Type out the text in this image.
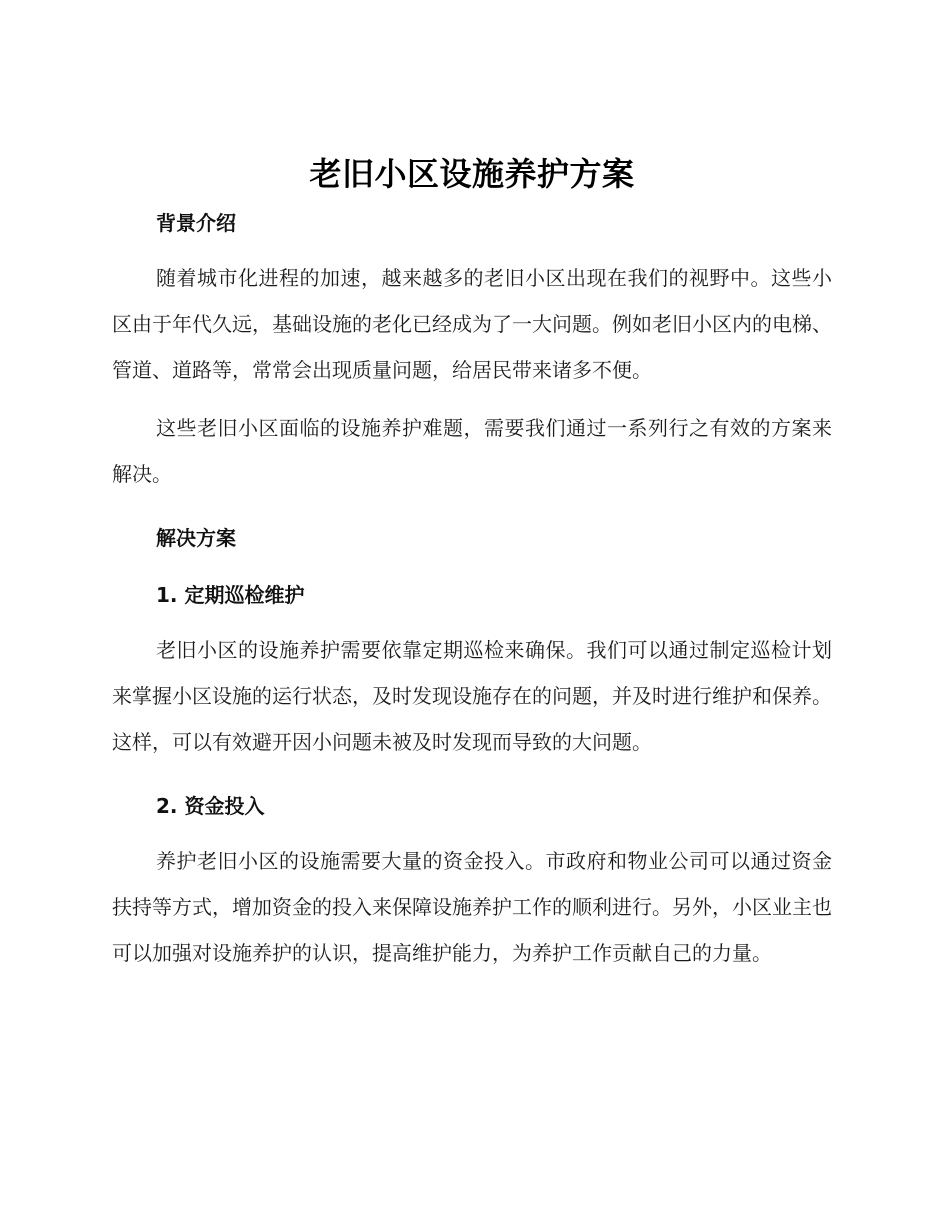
老旧小区设施养护方案
背景介绍

随着城市化进程的加速，越来越多的老旧小区出现在我们的视野中。这些小区由于年代久远，基础设施的老化已经成为了一大问题。例如老旧小区内的电梯、管道、道路等，常常会出现质量问题，给居民带来诸多不便。

这些老旧小区面临的设施养护难题，需要我们通过一系列行之有效的方案来解决。

解决方案
1. 定期巡检维护

老旧小区的设施养护需要依靠定期巡检来确保。我们可以通过制定巡检计划来掌握小区设施的运行状态，及时发现设施存在的问题，并及时进行维护和保养。这样，可以有效避开因小问题未被及时发现而导致的大问题。

2. 资金投入

养护老旧小区的设施需要大量的资金投入。市政府和物业公司可以通过资金扶持等方式，增加资金的投入来保障设施养护工作的顺利进行。另外，小区业主也可以加强对设施养护的认识，提高维护能力，为养护工作贡献自己的力量。
